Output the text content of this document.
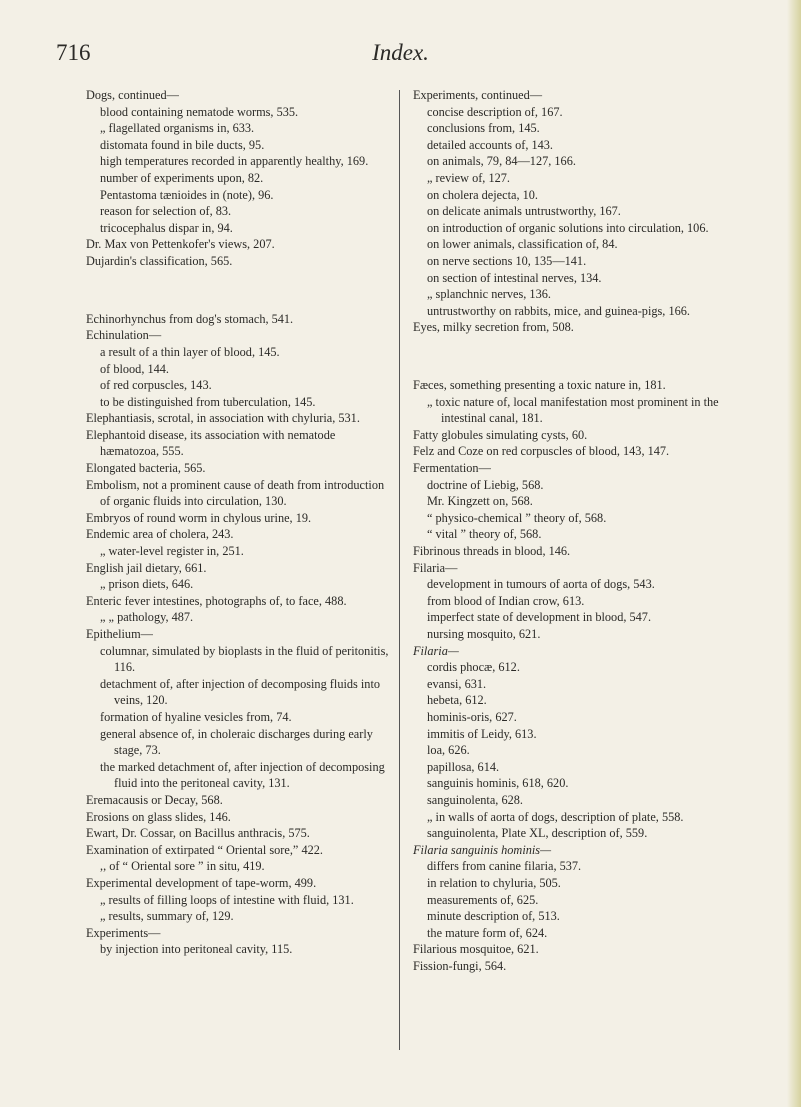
716	Index.

Dogs, continued—

blood containing nematode worms, 535.

„ flagellated organisms in, 633.

distomata found in bile ducts, 95.

high temperatures recorded in apparently healthy, 169.

number of experiments upon, 82.

Pentastoma tænioides in (note), 96.

reason for selection of, 83.

tricocephalus dispar in, 94.

Dr. Max von Pettenkofer's views, 207.

Dujardin's classification, 565.

Echinorhynchus from dog's stomach, 541.

Echinulation—

a result of a thin layer of blood, 145.

of blood, 144.

of red corpuscles, 143.

to be distinguished from tuberculation, 145.

Elephantiasis, scrotal, in association with chyluria, 531.

Elephantoid disease, its association with nematode hæmatozoa, 555.

Elongated bacteria, 565.

Embolism, not a prominent cause of death from introduction of organic fluids into circulation, 130.

Embryos of round worm in chylous urine, 19.

Endemic area of cholera, 243.

„ water-level register in, 251.

English jail dietary, 661.

„ prison diets, 646.

Enteric fever intestines, photographs of, to face, 488.

„ „ pathology, 487.

Epithelium—

columnar, simulated by bioplasts in the fluid of peritonitis, 116.

detachment of, after injection of decomposing fluids into veins, 120.

formation of hyaline vesicles from, 74.

general absence of, in choleraic discharges during early stage, 73.

the marked detachment of, after injection of decomposing fluid into the peritoneal cavity, 131.

Eremacausis or Decay, 568.

Erosions on glass slides, 146.

Ewart, Dr. Cossar, on Bacillus anthracis, 575.

Examination of extirpated “ Oriental sore,” 422.

,, of “ Oriental sore ” in situ, 419.

Experimental development of tape-worm, 499.

„ results of filling loops of intestine with fluid, 131.

„ results, summary of, 129.

Experiments—

by injection into peritoneal cavity, 115.

Experiments, continued—

concise description of, 167.

conclusions from, 145.

detailed accounts of, 143.

on animals, 79, 84—127, 166.

„ review of, 127.

on cholera dejecta, 10.

on delicate animals untrustworthy, 167.

on introduction of organic solutions into circulation, 106.

on lower animals, classification of, 84.

on nerve sections 10, 135—141.

on section of intestinal nerves, 134.

„ splanchnic nerves, 136.

untrustworthy on rabbits, mice, and guinea-pigs, 166.

Eyes, milky secretion from, 508.

Fæces, something presenting a toxic nature in, 181.

„ toxic nature of, local manifestation most prominent in the intestinal canal, 181.

Fatty globules simulating cysts, 60.

Felz and Coze on red corpuscles of blood, 143, 147.

Fermentation—

doctrine of Liebig, 568.

Mr. Kingzett on, 568.

“ physico-chemical ” theory of, 568.

“ vital ” theory of, 568.

Fibrinous threads in blood, 146.

Filaria—

development in tumours of aorta of dogs, 543.

from blood of Indian crow, 613.

imperfect state of development in blood, 547.

nursing mosquito, 621.

Filaria—

cordis phocæ, 612.

evansi, 631.

hebeta, 612.

hominis-oris, 627.

immitis of Leidy, 613.

loa, 626.

papillosa, 614.

sanguinis hominis, 618, 620.

sanguinolenta, 628.

„ in walls of aorta of dogs, description of plate, 558.

sanguinolenta, Plate XL, description of, 559.

Filaria sanguinis hominis—

differs from canine filaria, 537.

in relation to chyluria, 505.

measurements of, 625.

minute description of, 513.

the mature form of, 624.

Filarious mosquitoe, 621.

Fission-fungi, 564.
